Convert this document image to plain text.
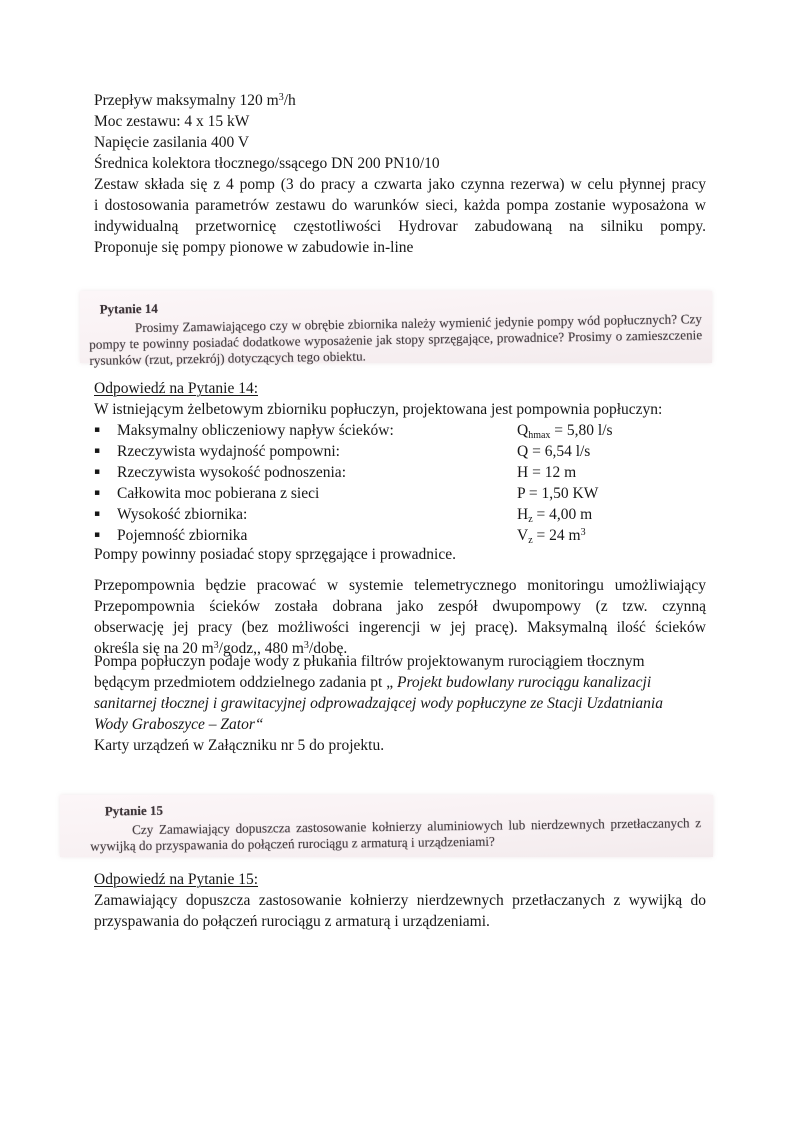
Przepływ maksymalny 120 $m^3/h$
Moc zestawu: 4 x 15 kW
Napięcie zasilania 400 V
Średnica kolektora tłocznego/ssącego DN 200 PN10/10
Zestaw składa się z 4 pomp (3 do pracy a czwarta jako czynna rezerwa) w celu płynnej pracy
i dostosowania parametrów zestawu do warunków sieci, każda pompa zostanie wyposażona w
indywidualną przetwornicę częstotliwości Hydrovar zabudowaną na silniku pompy.
Proponuje się pompy pionowe w zabudowie in-line
Pytanie 14
Prosimy Zamawiającego czy w obrębie zbiornika należy wymienić jedynie pompy wód popłucznych? Czy pompy te powinny posiadać dodatkowe wyposażenie jak stopy sprzęgające, prowadnice? Prosimy o zamieszczenie rysunków (rzut, przekrój) dotyczących tego obiektu.
Odpowiedź na Pytanie 14:
W istniejącym żelbetowym zbiorniku popłuczyn, projektowana jest pompownia popłuczyn:
▪	Maksymalny obliczeniowy napływ ścieków:	$Q_{hmax} = 5,80$ l/s
▪	Rzeczywista wydajność pompowni:	Q = 6,54 l/s
▪	Rzeczywista wysokość podnoszenia:	H = 12 m
▪	Całkowita moc pobierana z sieci	P = 1,50 KW
▪	Wysokość zbiornika:	$H_z = 4,00$ m
▪	Pojemność zbiornika	$V_z = 24$ $m^3$
Pompy powinny posiadać stopy sprzęgające i prowadnice.
Przepompownia będzie pracować w systemie telemetrycznego monitoringu umożliwiający
Przepompownia ścieków została dobrana jako zespół dwupompowy (z tzw. czynną
obserwację jej pracy (bez możliwości ingerencji w jej pracę). Maksymalną ilość ścieków
określa się na 20 $m^3$/godz,, 480 $m^3$/dobę.
Pompa popłuczyn podaje wody z płukania filtrów projektowanym rurociągiem tłocznym
będącym przedmiotem oddzielnego zadania pt „ Projekt budowlany rurociągu kanalizacji
sanitarnej tłocznej i grawitacyjnej odprowadzającej wody popłuczyne ze Stacji Uzdatniania
Wody Graboszyce – Zator“
Karty urządzeń w Załączniku nr 5 do projektu.
Pytanie 15
Czy Zamawiający dopuszcza zastosowanie kołnierzy aluminiowych lub nierdzewnych przetłaczanych z wywijką do przyspawania do połączeń rurociągu z armaturą i urządzeniami?
Odpowiedź na Pytanie 15:
Zamawiający dopuszcza zastosowanie kołnierzy nierdzewnych przetłaczanych z wywijką do
przyspawania do połączeń rurociągu z armaturą i urządzeniami.
